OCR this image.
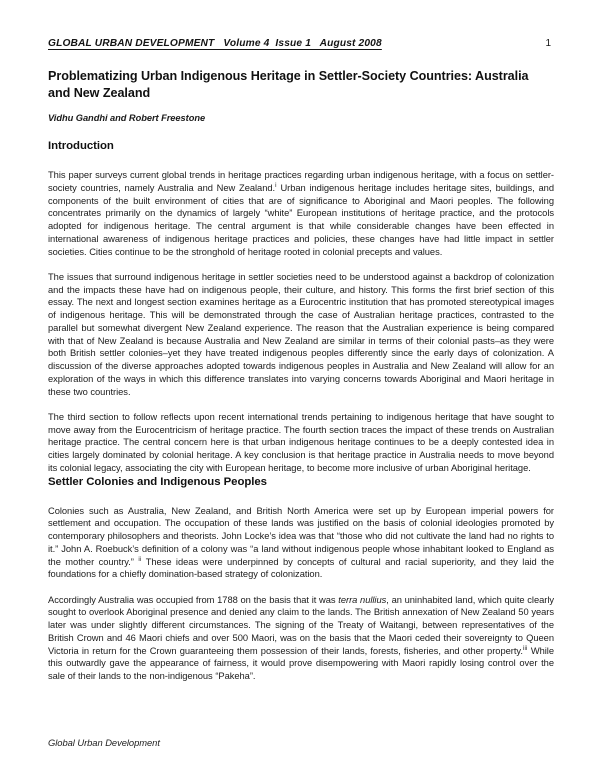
GLOBAL URBAN DEVELOPMENT   Volume 4  Issue 1   August 2008	1
Problematizing Urban Indigenous Heritage in Settler-Society Countries: Australia and New Zealand
Vidhu Gandhi and Robert Freestone
Introduction

This paper surveys current global trends in heritage practices regarding urban indigenous heritage, with a focus on settler-society countries, namely Australia and New Zealand.$^i$ Urban indigenous heritage includes heritage sites, buildings, and components of the built environment of cities that are of significance to Aboriginal and Maori peoples. The following concentrates primarily on the dynamics of largely “white” European institutions of heritage practice, and the protocols adopted for indigenous heritage. The central argument is that while considerable changes have been effected in international awareness of indigenous heritage practices and policies, these changes have had little impact in settler societies. Cities continue to be the stronghold of heritage rooted in colonial precepts and values.

The issues that surround indigenous heritage in settler societies need to be understood against a backdrop of colonization and the impacts these have had on indigenous people, their culture, and history. This forms the first brief section of this essay. The next and longest section examines heritage as a Eurocentric institution that has promoted stereotypical images of indigenous heritage. This will be demonstrated through the case of Australian heritage practices, contrasted to the parallel but somewhat divergent New Zealand experience. The reason that the Australian experience is being compared with that of New Zealand is because Australia and New Zealand are similar in terms of their colonial pasts–as they were both British settler colonies–yet they have treated indigenous peoples differently since the early days of colonization. A discussion of the diverse approaches adopted towards indigenous peoples in Australia and New Zealand will allow for an exploration of the ways in which this difference translates into varying concerns towards Aboriginal and Maori heritage in these two countries.

The third section to follow reflects upon recent international trends pertaining to indigenous heritage that have sought to move away from the Eurocentricism of heritage practice. The fourth section traces the impact of these trends on Australian heritage practice. The central concern here is that urban indigenous heritage continues to be a deeply contested idea in cities largely dominated by colonial heritage. A key conclusion is that heritage practice in Australia needs to move beyond its colonial legacy, associating the city with European heritage, to become more inclusive of urban Aboriginal heritage.

Settler Colonies and Indigenous Peoples

Colonies such as Australia, New Zealand, and British North America were set up by European imperial powers for settlement and occupation. The occupation of these lands was justified on the basis of colonial ideologies promoted by contemporary philosophers and theorists. John Locke’s idea was that “those who did not cultivate the land had no rights to it.” John A. Roebuck’s definition of a colony was “a land without indigenous people whose inhabitant looked to England as the mother country.” $^{ii}$ These ideas were underpinned by concepts of cultural and racial superiority, and they laid the foundations for a chiefly domination-based strategy of colonization.

Accordingly Australia was occupied from 1788 on the basis that it was terra nullius, an uninhabited land, which quite clearly sought to overlook Aboriginal presence and denied any claim to the lands. The British annexation of New Zealand 50 years later was under slightly different circumstances. The signing of the Treaty of Waitangi, between representatives of the British Crown and 46 Maori chiefs and over 500 Maori, was on the basis that the Maori ceded their sovereignty to Queen Victoria in return for the Crown guaranteeing them possession of their lands, forests, fisheries, and other property.$^{iii}$ While this outwardly gave the appearance of fairness, it would prove disempowering with Maori rapidly losing control over the sale of their lands to the non-indigenous “Pakeha”.

Global Urban Development
